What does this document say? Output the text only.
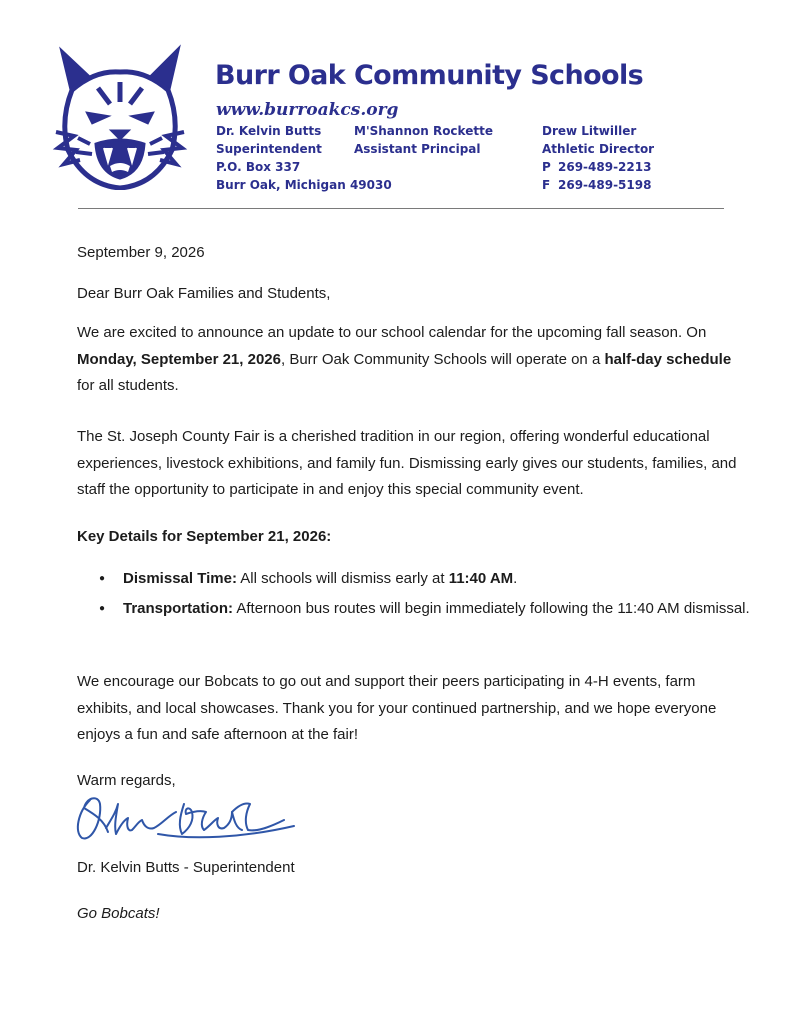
Burr Oak Community Schools
www.burroakcs.org
Dr. Kelvin Butts
Superintendent
P.O. Box 337
Burr Oak, Michigan 49030
M'Shannon Rockette
Assistant Principal
Drew Litwiller
Athletic Director
P 269-489-2213
F 269-489-5198
September 9, 2026
Dear Burr Oak Families and Students,
We are excited to announce an update to our school calendar for the upcoming fall season. On Monday, September 21, 2026, Burr Oak Community Schools will operate on a half-day schedule for all students.
The St. Joseph County Fair is a cherished tradition in our region, offering wonderful educational experiences, livestock exhibitions, and family fun. Dismissing early gives our students, families, and staff the opportunity to participate in and enjoy this special community event.
Key Details for September 21, 2026:
● Dismissal Time: All schools will dismiss early at 11:40 AM.
● Transportation: Afternoon bus routes will begin immediately following the 11:40 AM dismissal.
We encourage our Bobcats to go out and support their peers participating in 4-H events, farm exhibits, and local showcases. Thank you for your continued partnership, and we hope everyone enjoys a fun and safe afternoon at the fair!
Warm regards,
Dr. Kelvin Butts - Superintendent
Go Bobcats!
